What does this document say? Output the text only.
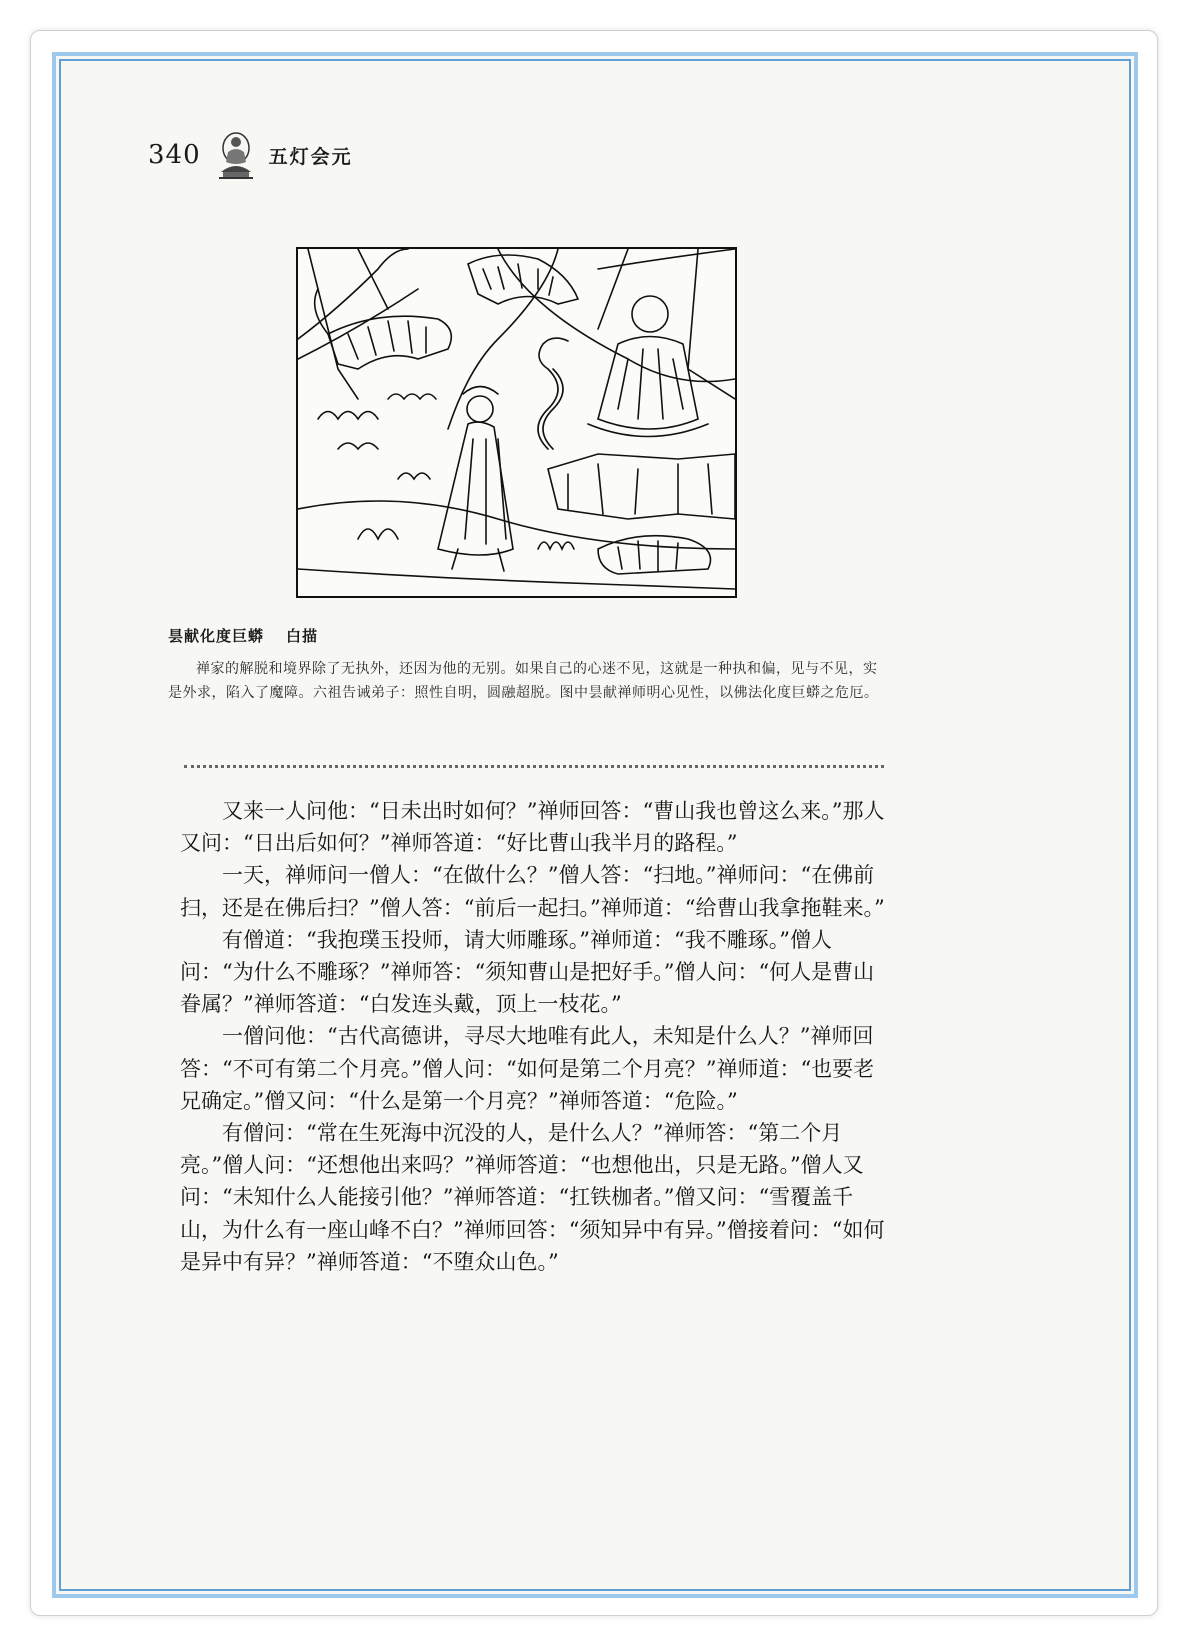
340	五灯会元
昙献化度巨蟒 白描
禅家的解脱和境界除了无执外，还因为他的无别。如果自己的心迷不见，这就是一种执和偏，见与不见，实是外求，陷入了魔障。六祖告诫弟子：照性自明，圆融超脱。图中昙献禅师明心见性，以佛法化度巨蟒之危厄。

又来一人问他：“日未出时如何？”禅师回答：“曹山我也曾这么来。”那人又问：“日出后如何？”禅师答道：“好比曹山我半月的路程。”

一天，禅师问一僧人：“在做什么？”僧人答：“扫地。”禅师问：“在佛前扫，还是在佛后扫？”僧人答：“前后一起扫。”禅师道：“给曹山我拿拖鞋来。”

有僧道：“我抱璞玉投师，请大师雕琢。”禅师道：“我不雕琢。”僧人问：“为什么不雕琢？”禅师答：“须知曹山是把好手。”僧人问：“何人是曹山眷属？”禅师答道：“白发连头戴，顶上一枝花。”

一僧问他：“古代高德讲，寻尽大地唯有此人，未知是什么人？”禅师回答：“不可有第二个月亮。”僧人问：“如何是第二个月亮？”禅师道：“也要老兄确定。”僧又问：“什么是第一个月亮？”禅师答道：“危险。”

有僧问：“常在生死海中沉没的人，是什么人？”禅师答：“第二个月亮。”僧人问：“还想他出来吗？”禅师答道：“也想他出，只是无路。”僧人又问：“未知什么人能接引他？”禅师答道：“扛铁枷者。”僧又问：“雪覆盖千山，为什么有一座山峰不白？”禅师回答：“须知异中有异。”僧接着问：“如何是异中有异？”禅师答道：“不堕众山色。”
